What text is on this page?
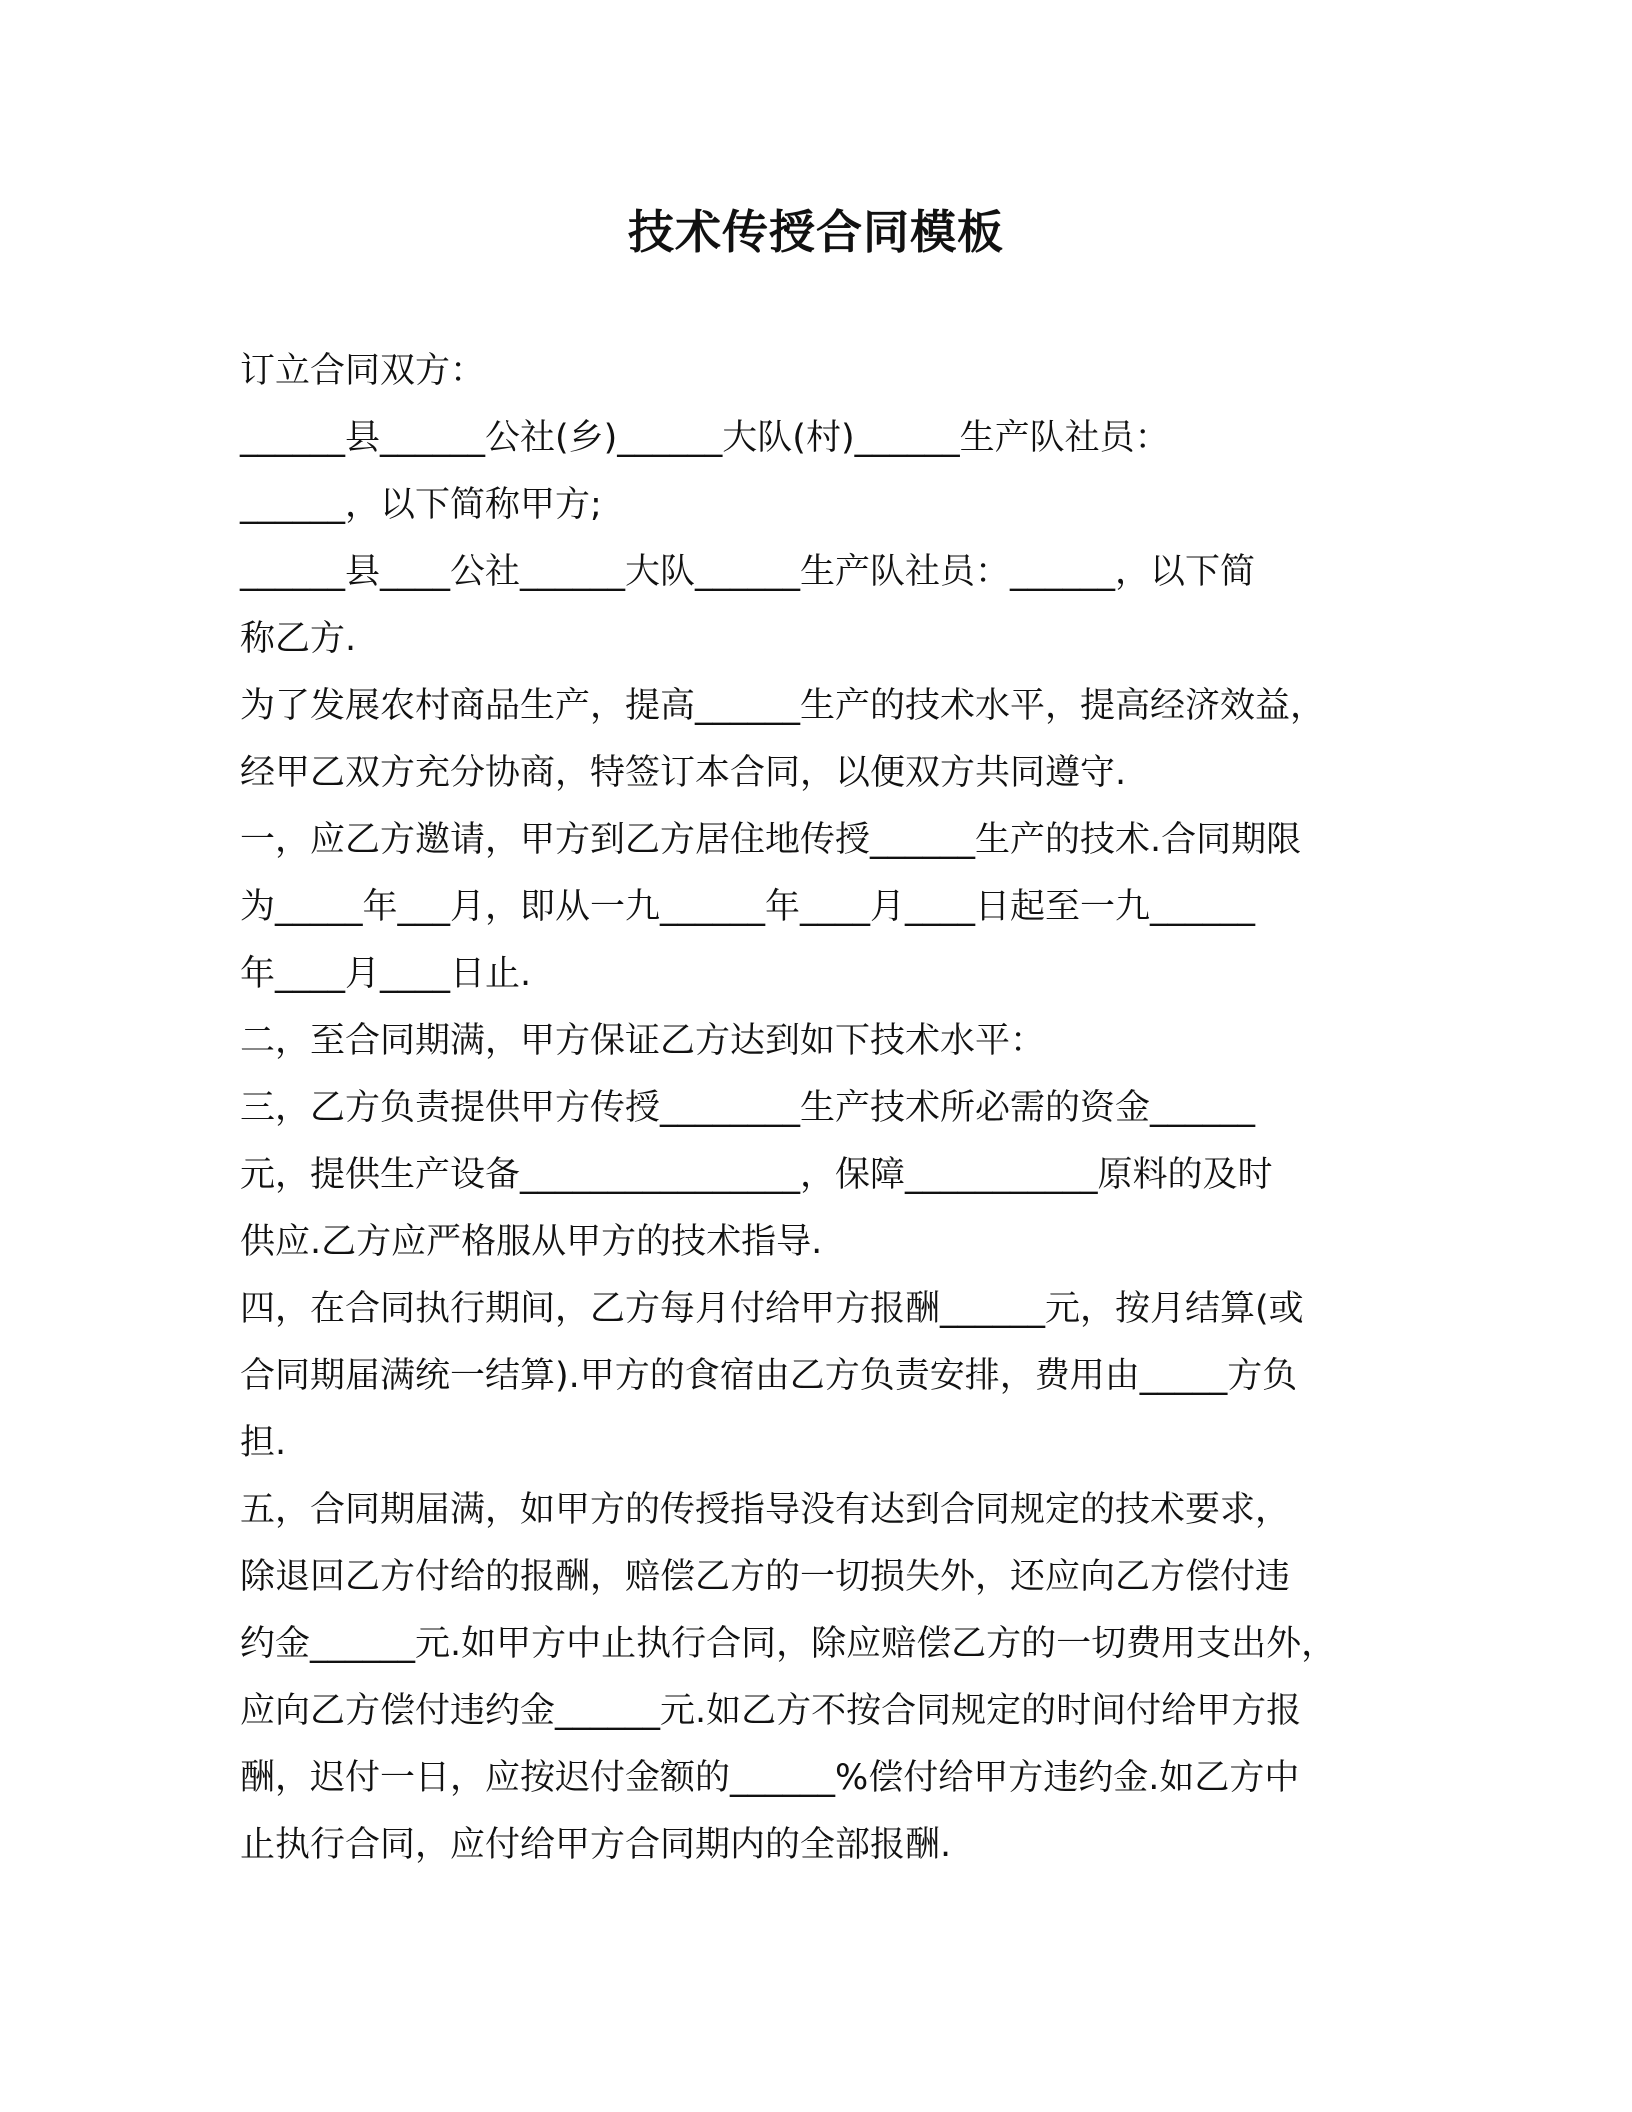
技术传授合同模板
订立合同双方：
______县______公社(乡)______大队(村)______生产队社员：
______，以下简称甲方;
______县____公社______大队______生产队社员：______，以下简
称乙方.
为了发展农村商品生产，提高______生产的技术水平，提高经济效益，
经甲乙双方充分协商，特签订本合同，以便双方共同遵守.
一，应乙方邀请，甲方到乙方居住地传授______生产的技术.合同期限
为_____年___月，即从一九______年____月____日起至一九______
年____月____日止.
二，至合同期满，甲方保证乙方达到如下技术水平：
三，乙方负责提供甲方传授________生产技术所必需的资金______
元，提供生产设备________________，保障___________原料的及时
供应.乙方应严格服从甲方的技术指导.
四，在合同执行期间，乙方每月付给甲方报酬______元，按月结算(或
合同期届满统一结算).甲方的食宿由乙方负责安排，费用由_____方负
担.
五，合同期届满，如甲方的传授指导没有达到合同规定的技术要求，
除退回乙方付给的报酬，赔偿乙方的一切损失外，还应向乙方偿付违
约金______元.如甲方中止执行合同，除应赔偿乙方的一切费用支出外，
应向乙方偿付违约金______元.如乙方不按合同规定的时间付给甲方报
酬，迟付一日，应按迟付金额的______%偿付给甲方违约金.如乙方中
止执行合同，应付给甲方合同期内的全部报酬.
